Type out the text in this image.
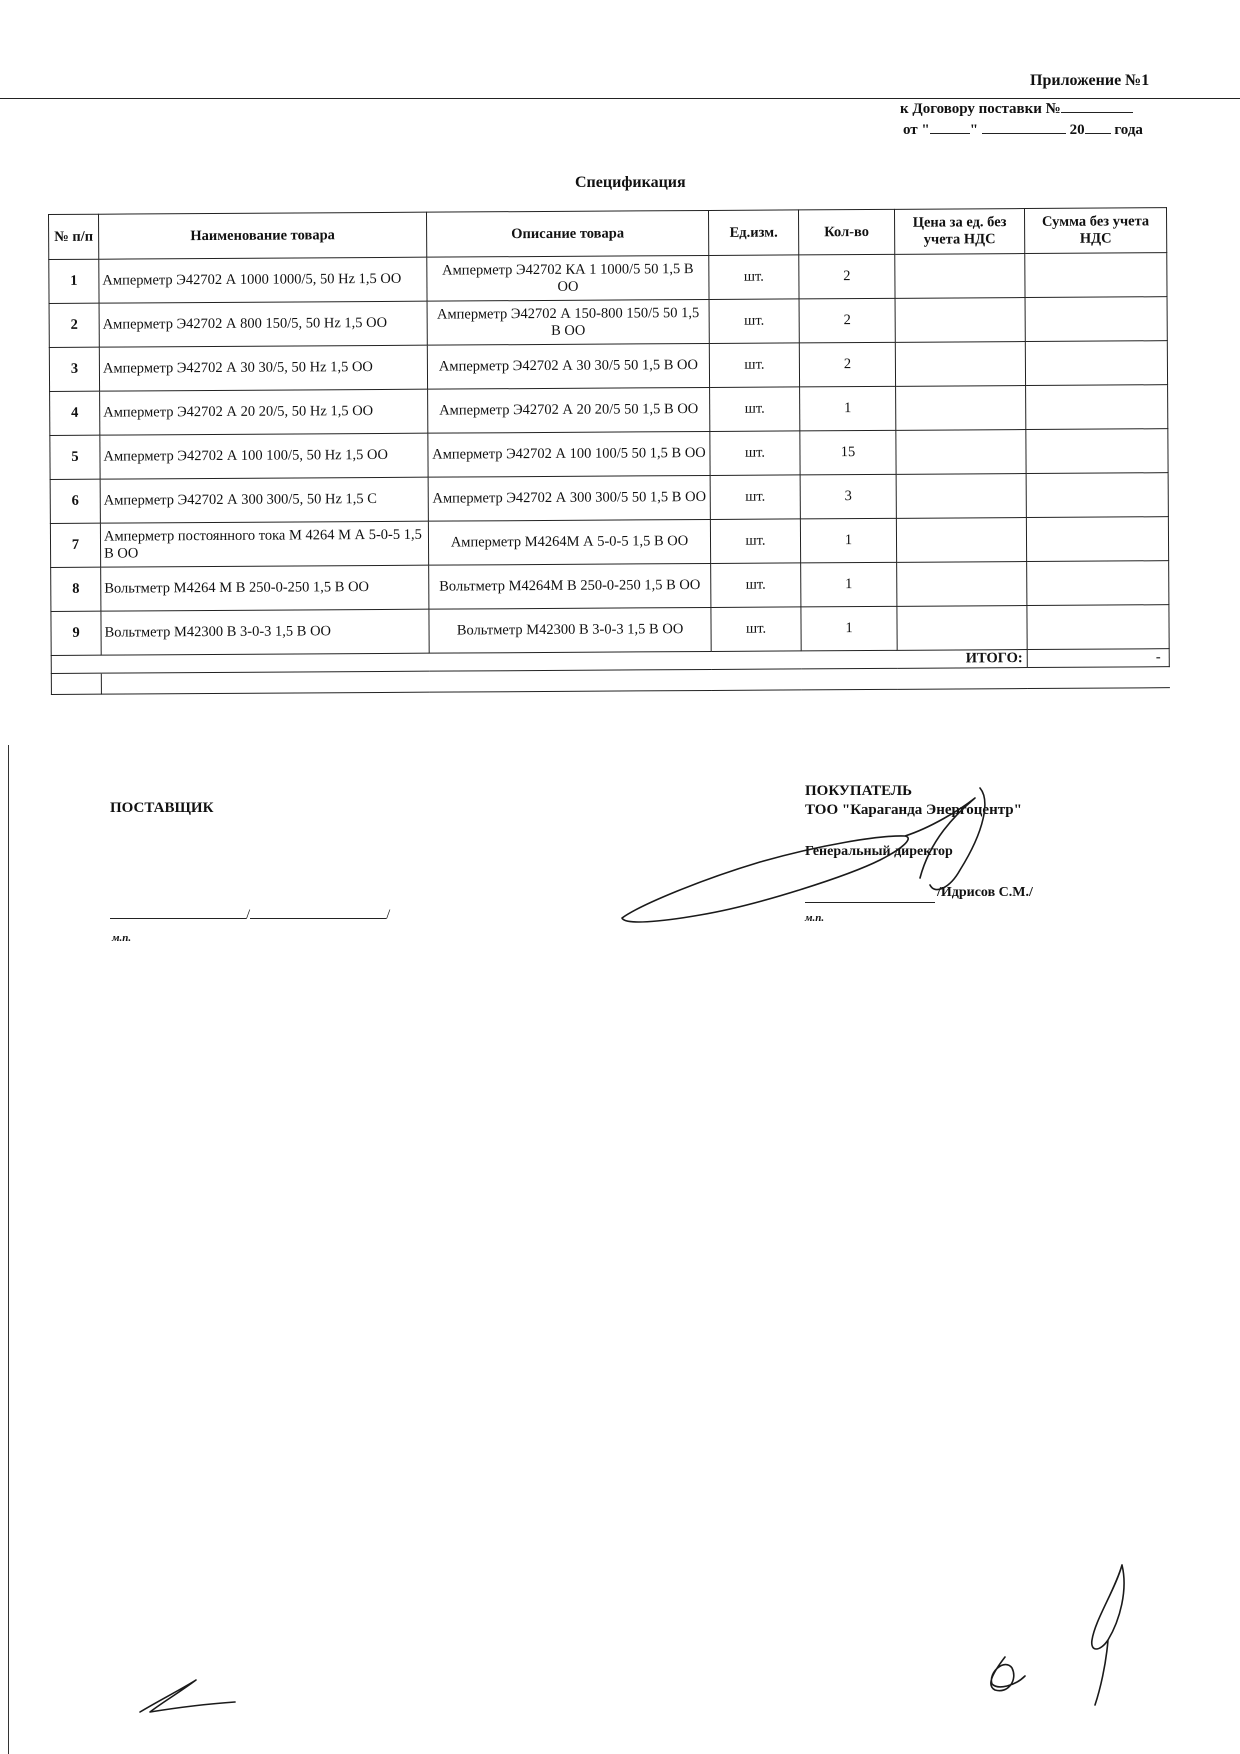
Приложение №1
к Договору поставки №
от "	"	20 года
Спецификация
№ п/п	Наименование товара	Описание товара	Ед.изм.	Кол-во	Цена за ед. без учета НДС	Сумма без учета НДС
1	Амперметр Э42702 А 1000 1000/5, 50 Hz 1,5 ОО	Амперметр Э42702 КА 1 1000/5 50 1,5 В ОО	шт.	2		
2	Амперметр Э42702 А 800 150/5, 50 Hz 1,5 ОО	Амперметр Э42702 А 150-800 150/5 50 1,5 В ОО	шт.	2		
3	Амперметр Э42702 А 30 30/5, 50 Hz 1,5 ОО	Амперметр Э42702 А 30 30/5 50 1,5 В ОО	шт.	2		
4	Амперметр Э42702 А 20 20/5, 50 Hz 1,5 ОО	Амперметр Э42702 А 20 20/5 50 1,5 В ОО	шт.	1		
5	Амперметр Э42702 А 100 100/5, 50 Hz 1,5 ОО	Амперметр Э42702 А 100 100/5 50 1,5 В ОО	шт.	15		
6	Амперметр Э42702 А 300 300/5, 50 Hz 1,5 С	Амперметр Э42702 А 300 300/5 50 1,5 В ОО	шт.	3		
7	Амперметр постоянного тока М 4264 М А 5-0-5 1,5 В ОО	Амперметр М4264М А 5-0-5 1,5 В ОО	шт.	1		
8	Вольтметр М4264 М В 250-0-250 1,5 В ОО	Вольтметр М4264М В 250-0-250 1,5 В ОО	шт.	1		
9	Вольтметр М42300 В 3-0-3 1,5 В ОО	Вольтметр М42300 В 3-0-3 1,5 В ОО	шт.	1		
	ИТОГО:					-

ПОСТАВЩИК
/	/
м.п.
ПОКУПАТЕЛЬ
ТОО "Караганда Энергоцентр"
Генеральный директор
/Идрисов С.М./
м.п.
